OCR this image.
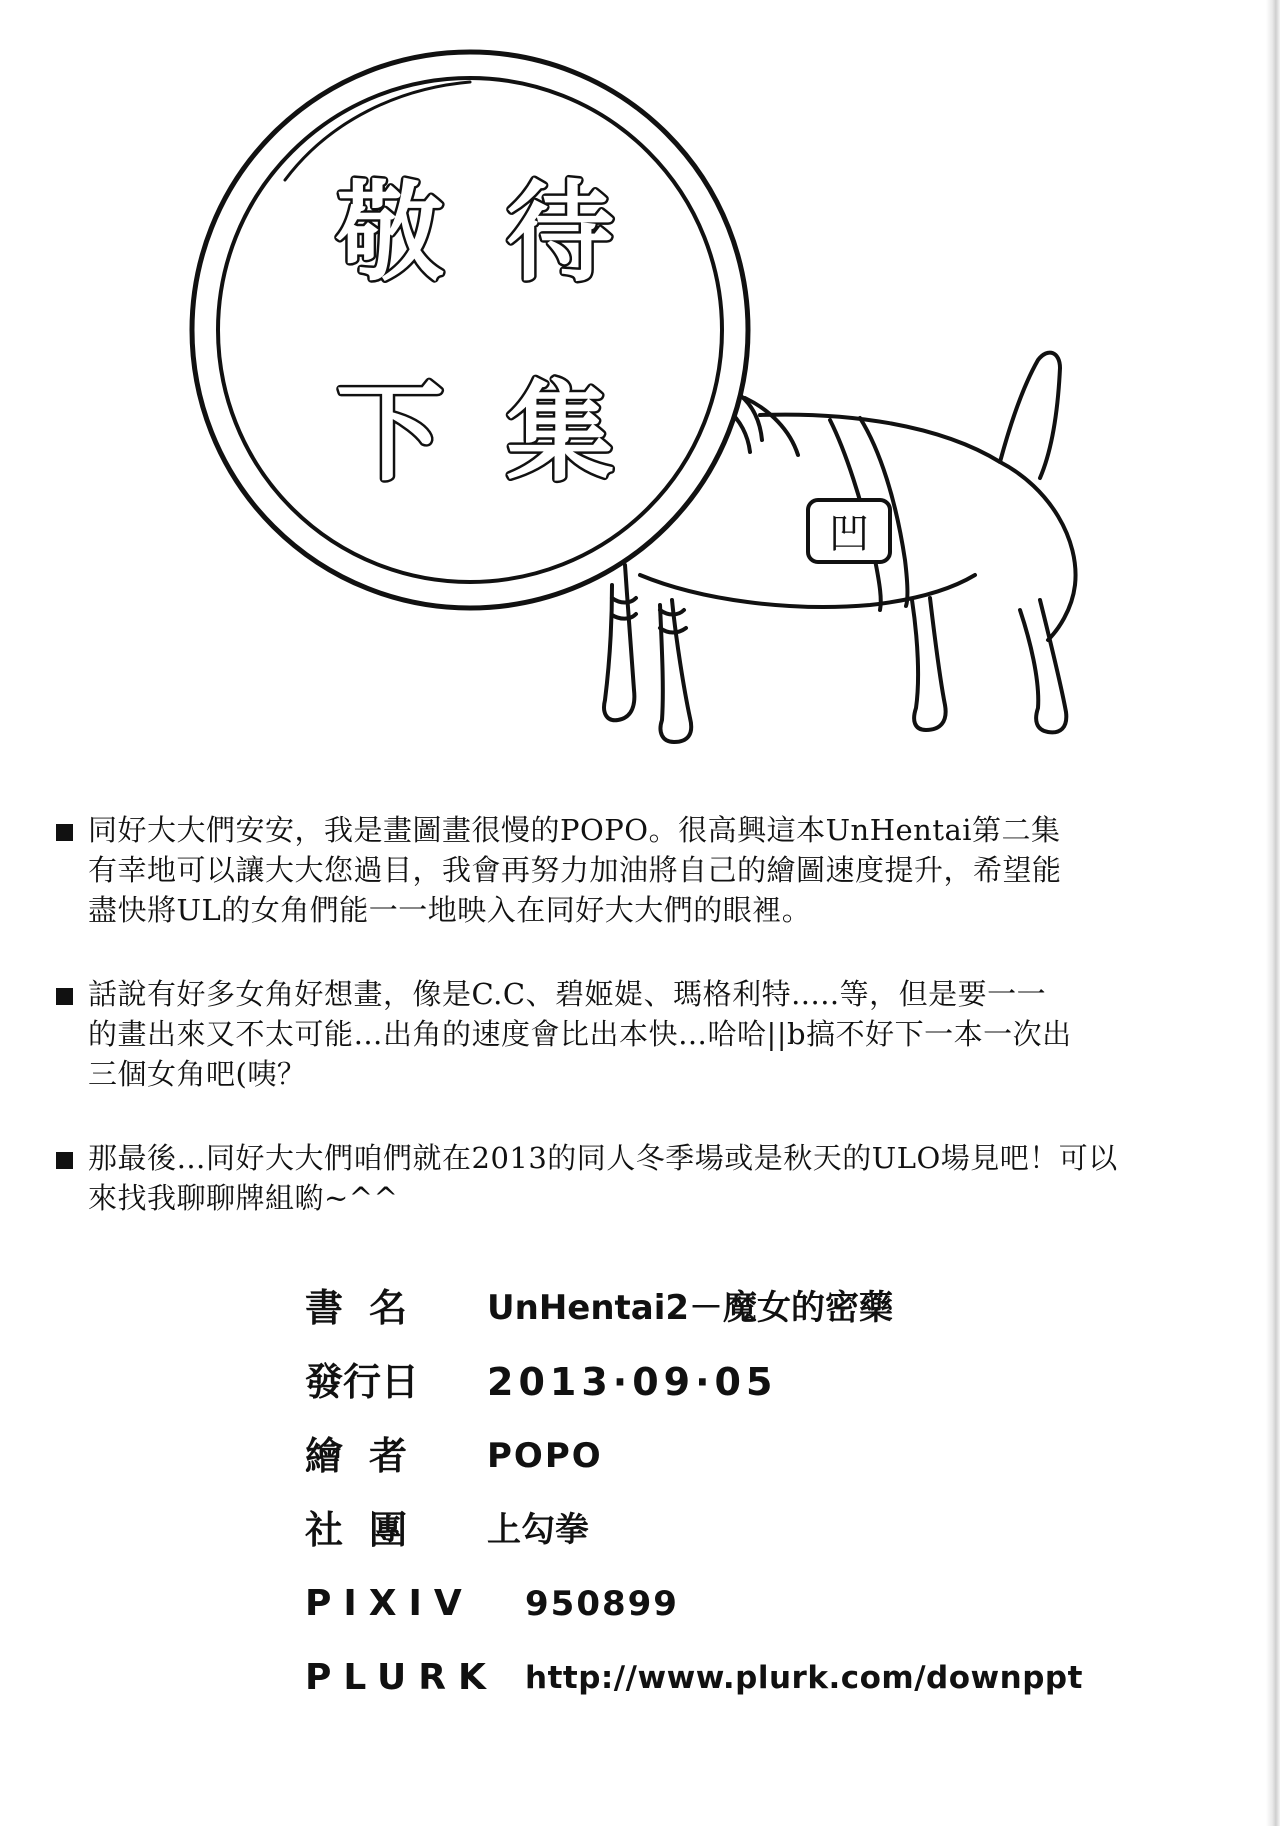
凹
敬 待
下 集
同好大大們安安，我是畫圖畫很慢的POPO。很高興這本UnHentai第二集
有幸地可以讓大大您過目，我會再努力加油將自己的繪圖速度提升，希望能
盡快將UL的女角們能一一地映入在同好大大們的眼裡。
話說有好多女角好想畫，像是C.C、碧姬媞、瑪格利特.....等，但是要一一
的畫出來又不太可能…出角的速度會比出本快…哈哈||b搞不好下一本一次出
三個女角吧(咦？
那最後…同好大大們咱們就在2013的同人冬季場或是秋天的ULO場見吧！可以
來找我聊聊牌組喲~^^
書名	UnHentai2－魔女的密藥
發行日	2013·09·05
繪者	POPO
社團	上勾拳
PIXIV	950899
PLURK http://www.plurk.com/downppt
